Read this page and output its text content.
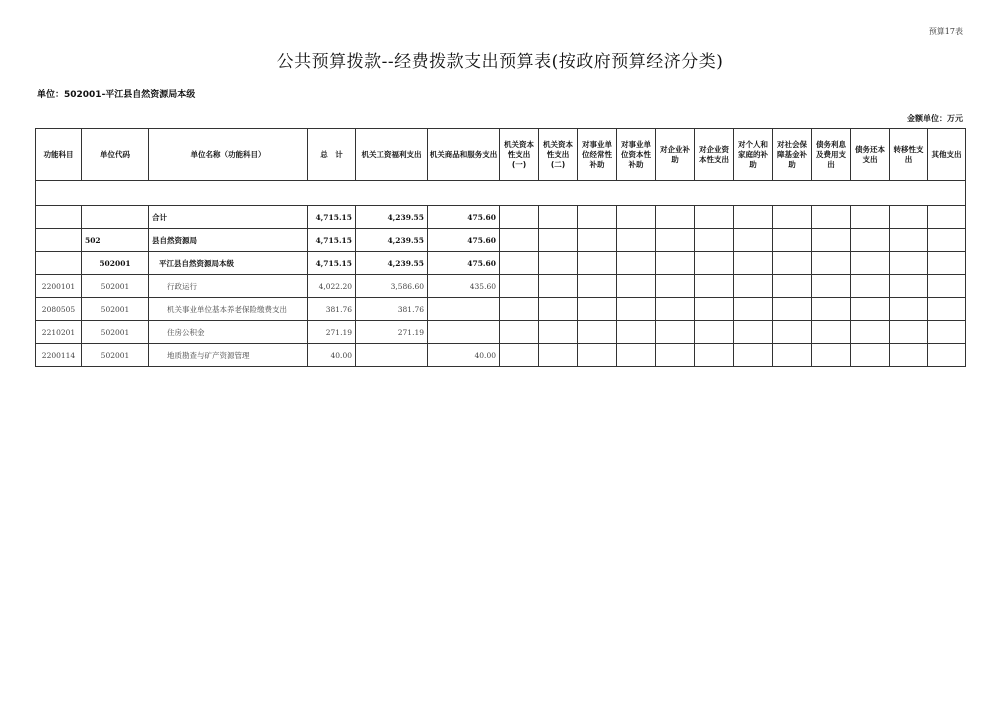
预算17表
公共预算拨款--经费拨款支出预算表(按政府预算经济分类)
单位：502001-平江县自然资源局本级
金额单位：万元
功能科目	单位代码	单位名称（功能科目）	总　计	机关工资福利支出	机关商品和服务支出	机关资本性支出(一)	机关资本性支出(二)	对事业单位经常性补助	对事业单位资本性补助	对企业补助	对企业资本性支出	对个人和家庭的补助	对社会保障基金补助	债务利息及费用支出	债务还本支出	转移性支出	其他支出

		合计	4,715.15	4,239.55	475.60												
	502	县自然资源局	4,715.15	4,239.55	475.60												
	502001	平江县自然资源局本级	4,715.15	4,239.55	475.60												
2200101	502001	行政运行	4,022.20	3,586.60	435.60												
2080505	502001	机关事业单位基本养老保险缴费支出	381.76	381.76													
2210201	502001	住房公积金	271.19	271.19													
2200114	502001	地质勘查与矿产资源管理	40.00		40.00												
